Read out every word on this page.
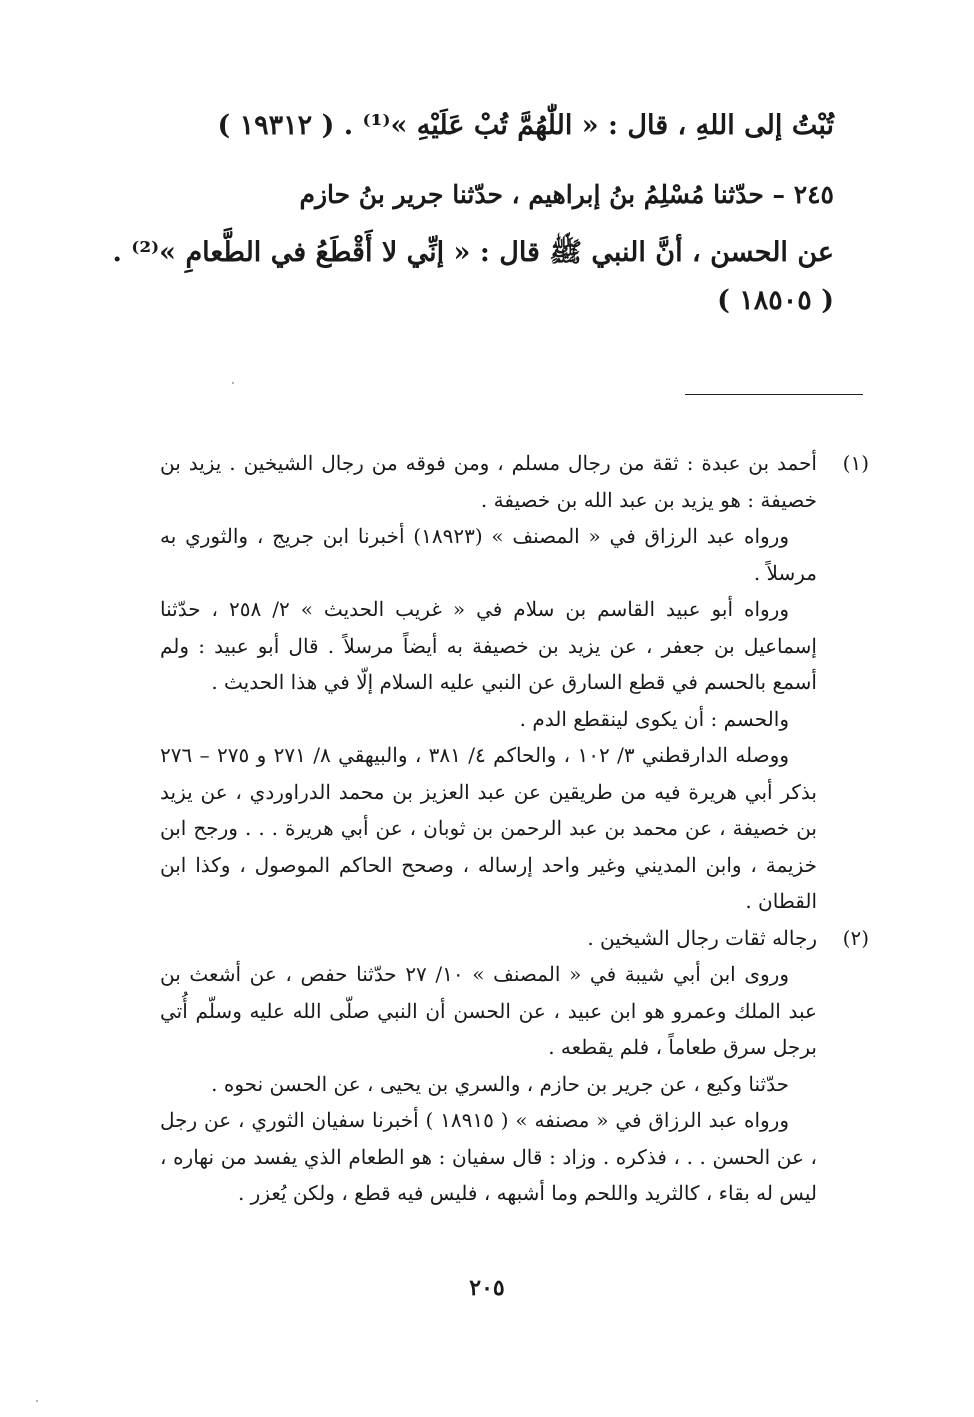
تُبْتُ إلى اللهِ ، قال : « اللّٰهُمَّ تُبْ عَلَيْهِ »⁽¹⁾ . ( ١٩٣١٢ )
٢٤٥ – حدّثنا مُسْلِمُ بنُ إبراهيم ، حدّثنا جرير بنُ حازم
عن الحسن ، أنَّ النبي ﷺ قال : « إنِّي لا أَقْطَعُ في الطَّعامِ »⁽²⁾ .
( ١٨٥٠٥ )
(١)
أحمد بن عبدة : ثقة من رجال مسلم ، ومن فوقه من رجال الشيخين . يزيد بن خصيفة : هو يزيد بن عبد الله بن خصيفة .
ورواه عبد الرزاق في « المصنف » (١٨٩٢٣) أخبرنا ابن جريج ، والثوري به مرسلاً .
ورواه أبو عبيد القاسم بن سلام في « غريب الحديث » ٢/ ٢٥٨ ، حدّثنا إسماعيل بن جعفر ، عن يزيد بن خصيفة به أيضاً مرسلاً . قال أبو عبيد : ولم أسمع بالحسم في قطع السارق عن النبي عليه السلام إلّا في هذا الحديث .
والحسم : أن يكوى لينقطع الدم .
ووصله الدارقطني ٣/ ١٠٢ ، والحاكم ٤/ ٣٨١ ، والبيهقي ٨/ ٢٧١ و ٢٧٥ – ٢٧٦ بذكر أبي هريرة فيه من طريقين عن عبد العزيز بن محمد الدراوردي ، عن يزيد بن خصيفة ، عن محمد بن عبد الرحمن بن ثوبان ، عن أبي هريرة . . . ورجح ابن خزيمة ، وابن المديني وغير واحد إرساله ، وصحح الحاكم الموصول ، وكذا ابن القطان .
(٢)
رجاله ثقات رجال الشيخين .
وروى ابن أبي شيبة في « المصنف » ١٠/ ٢٧ حدّثنا حفص ، عن أشعث بن عبد الملك وعمرو هو ابن عبيد ، عن الحسن أن النبي صلّى الله عليه وسلّم أُتي برجل سرق طعاماً ، فلم يقطعه .
حدّثنا وكيع ، عن جرير بن حازم ، والسري بن يحيى ، عن الحسن نحوه .
ورواه عبد الرزاق في « مصنفه » ( ١٨٩١٥ ) أخبرنا سفيان الثوري ، عن رجل ، عن الحسن . . ، فذكره . وزاد : قال سفيان : هو الطعام الذي يفسد من نهاره ، ليس له بقاء ، كالثريد واللحم وما أشبهه ، فليس فيه قطع ، ولكن يُعزر .
٢٠٥
